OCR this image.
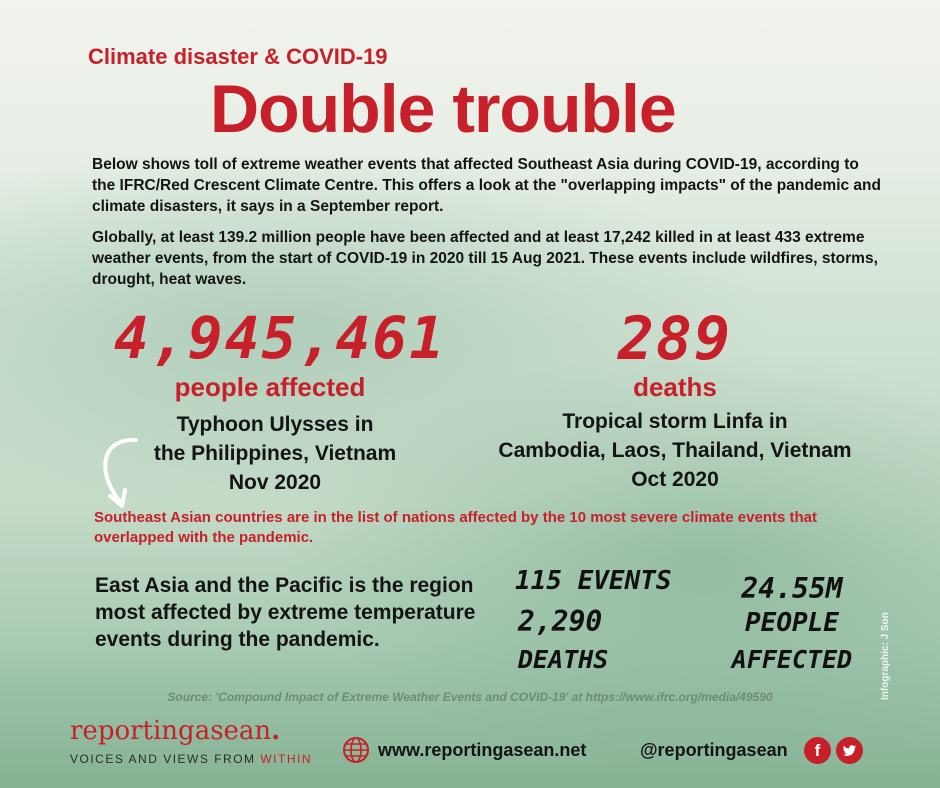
Climate disaster & COVID-19
Double trouble
Below shows toll of extreme weather events that affected Southeast Asia during COVID-19, according to the IFRC/Red Crescent Climate Centre. This offers a look at the "overlapping impacts" of the pandemic and climate disasters, it says in a September report.
Globally, at least 139.2 million people have been affected and at least 17,242 killed in at least 433 extreme weather events, from the start of COVID-19 in 2020 till 15 Aug 2021. These events include wildfires, storms, drought, heat waves.
4,945,461
people affected
Typhoon Ulysses in
the Philippines, Vietnam
Nov 2020
289
deaths
Tropical storm Linfa in
Cambodia, Laos, Thailand, Vietnam
Oct 2020
Southeast Asian countries are in the list of nations affected by the 10 most severe climate events that overlapped with the pandemic.
East Asia and the Pacific is the region most affected by extreme temperature events during the pandemic.
115 EVENTS
2,290
DEATHS
24.55M
PEOPLE
AFFECTED	Infographic: J Son
Source: 'Compound Impact of Extreme Weather Events and COVID-19' at https://www.ifrc.org/media/49590
reportingasean.
VOICES AND VIEWS FROM WITHIN	www.reportingasean.net	@reportingasean	f
